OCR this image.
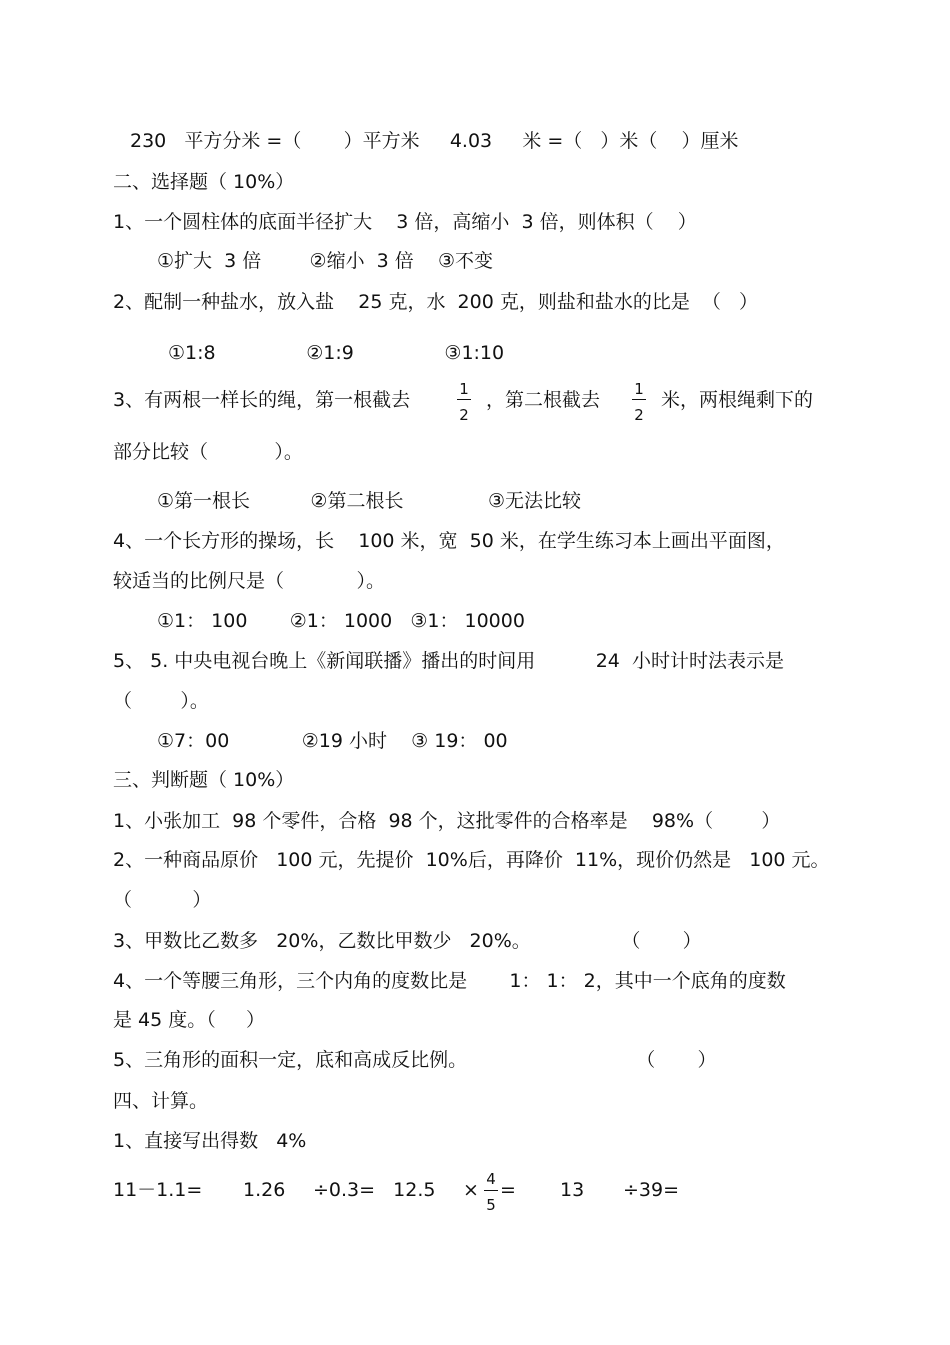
230   平方分米 =（       ）平方米     4.03     米 =（   ）米（    ）厘米
二、选择题（ 10%）
1、一个圆柱体的底面半径扩大    3 倍，高缩小  3 倍，则体积（    ）
①扩大  3 倍        ②缩小  3 倍    ③不变
2、配制一种盐水，放入盐    25 克，水  200 克，则盐和盐水的比是  （   ）
①1:8               ②1:9               ③1:10
3、有两根一样长的绳，第一根截去	1
2
，第二根截去 1
2
米，两根绳剩下的
部分比较（           ）。
①第一根长          ②第二根长              ③无法比较
4、一个长方形的操场，长    100 米，宽  50 米，在学生练习本上画出平面图，
较适当的比例尺是（            ）。
①1： 100       ②1： 1000   ③1： 10000
5、 5. 中央电视台晚上《新闻联播》播出的时间用          24  小时计时法表示是
（        ）。
①7：00            ②19 小时    ③ 19： 00
三、判断题（ 10%）
1、小张加工  98 个零件，合格  98 个，这批零件的合格率是    98%（        ）
2、一种商品原价   100 元，先提价  10%后，再降价  11%，现价仍然是   100 元。
（          ）
3、甲数比乙数多   20%，乙数比甲数少   20%。               （       ）
4、一个等腰三角形，三个内角的度数比是       1： 1： 2，其中一个底角的度数
是 45 度。（     ）
5、三角形的面积一定，底和高成反比例。                            （       ）
四、计算。
1、直接写出得数   4%
11－1.1= 1.26 ÷0.3=   12.5 × 4
5
= 13 ÷39=
